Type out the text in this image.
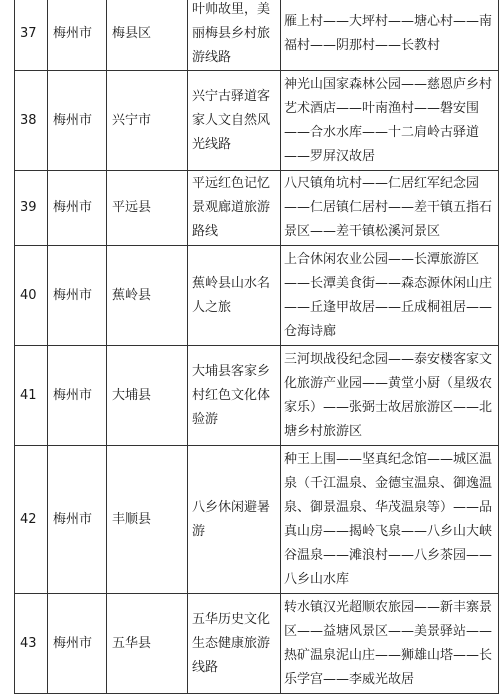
37	梅州市	梅县区	叶帅故里，美丽梅县乡村旅游线路	雁上村——大坪村——塘心村——南福村——阴那村——长教村
38	梅州市	兴宁市	兴宁古驿道客家人文自然风光线路	神光山国家森林公园——慈恩庐乡村艺术酒店——叶南渔村——磐安围——合水水库——十二肩岭古驿道——罗屏汉故居
39	梅州市	平远县	平远红色记忆景观廊道旅游路线	八尺镇角坑村——仁居红军纪念园——仁居镇仁居村——差干镇五指石景区——差干镇松溪河景区
40	梅州市	蕉岭县	蕉岭县山水名人之旅	上合休闲农业公园——长潭旅游区——长潭美食街——森态源休闲山庄——丘逢甲故居——丘成桐祖居——仓海诗廊
41	梅州市	大埔县	大埔县客家乡村红色文化体验游	三河坝战役纪念园——泰安楼客家文化旅游产业园——黄堂小厨（星级农家乐）——张弼士故居旅游区——北塘乡村旅游区
42	梅州市	丰顺县	八乡休闲避暑游	种王上围——坚真纪念馆——城区温泉（千江温泉、金德宝温泉、御逸温泉、御景温泉、华茂温泉等）——品真山房——揭岭飞泉——八乡山大峡谷温泉——滩浪村——八乡茶园——八乡山水库
43	梅州市	五华县	五华历史文化生态健康旅游线路	转水镇汉光超顺农旅园——新丰寨景区——益塘风景区——美景驿站——热矿温泉泥山庄——狮雄山塔——长乐学宫——李威光故居
